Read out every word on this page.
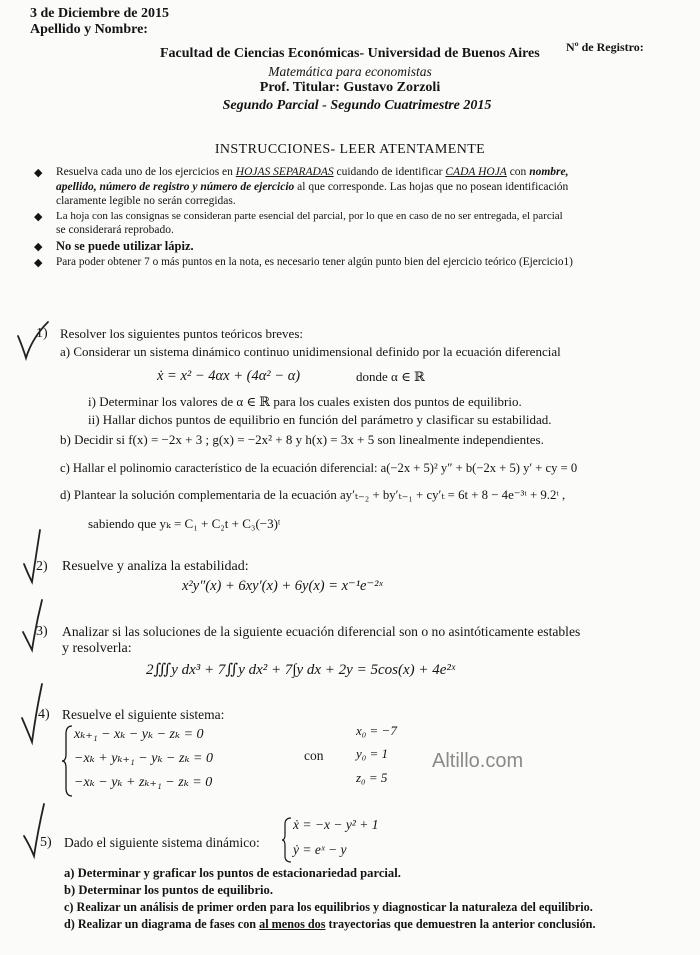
3 de Diciembre de 2015
Apellido y Nombre:
Nº de Registro:
Facultad de Ciencias Económicas- Universidad de Buenos Aires
Matemática para economistas
Prof. Titular: Gustavo Zorzoli
Segundo Parcial - Segundo Cuatrimestre 2015
INSTRUCCIONES- LEER ATENTAMENTE
◆ Resuelva cada uno de los ejercicios en HOJAS SEPARADAS cuidando de identificar CADA HOJA con nombre,
apellido, número de registro y número de ejercicio al que corresponde. Las hojas que no posean identificación
claramente legible no serán corregidas.
◆ La hoja con las consignas se consideran parte esencial del parcial, por lo que en caso de no ser entregada, el parcial
se considerará reprobado.
◆ No se puede utilizar lápiz.
◆ Para poder obtener 7 o más puntos en la nota, es necesario tener algún punto bien del ejercicio teórico (Ejercicio1)
1) Resolver los siguientes puntos teóricos breves:
a) Considerar un sistema dinámico continuo unidimensional definido por la ecuación diferencial
ẋ = x² − 4αx + (4α² − α)	donde α ∈ ℝ
i) Determinar los valores de α ∈ ℝ para los cuales existen dos puntos de equilibrio.
ii) Hallar dichos puntos de equilibrio en función del parámetro y clasificar su estabilidad.
b) Decidir si f(x) = −2x + 3 ; g(x) = −2x² + 8 y h(x) = 3x + 5 son linealmente independientes.
c) Hallar el polinomio característico de la ecuación diferencial: a(−2x + 5)² y″ + b(−2x + 5) y′ + cy = 0
d) Plantear la solución complementaria de la ecuación ay′ₜ₋₂ + by′ₜ₋₁ + cy′ₜ = 6t + 8 − 4e⁻³ᵗ + 9.2ᵗ ,
sabiendo que yₖ = C₁ + C₂t + C₃(−3)ᵗ
2) Resuelve y analiza la estabilidad:
x²y″(x) + 6xy′(x) + 6y(x) = x⁻¹e⁻²ˣ
3) Analizar si las soluciones de la siguiente ecuación diferencial son o no asintóticamente estables
y resolverla:
2∭y dx³ + 7∬y dx² + 7∫y dx + 2y = 5cos(x) + 4e²ˣ
4) Resuelve el siguiente sistema:
xₖ₊₁ − xₖ − yₖ − zₖ = 0
−xₖ + yₖ₊₁ − yₖ − zₖ = 0
−xₖ − yₖ + zₖ₊₁ − zₖ = 0
con
x₀ = −7
y₀ = 1
z₀ = 5
Altillo.com
5) Dado el siguiente sistema dinámico:
ẋ = −x − y² + 1
ẏ = eˣ − y
a) Determinar y graficar los puntos de estacionariedad parcial.
b) Determinar los puntos de equilibrio.
c) Realizar un análisis de primer orden para los equilibrios y diagnosticar la naturaleza del equilibrio.
d) Realizar un diagrama de fases con al menos dos trayectorias que demuestren la anterior conclusión.
